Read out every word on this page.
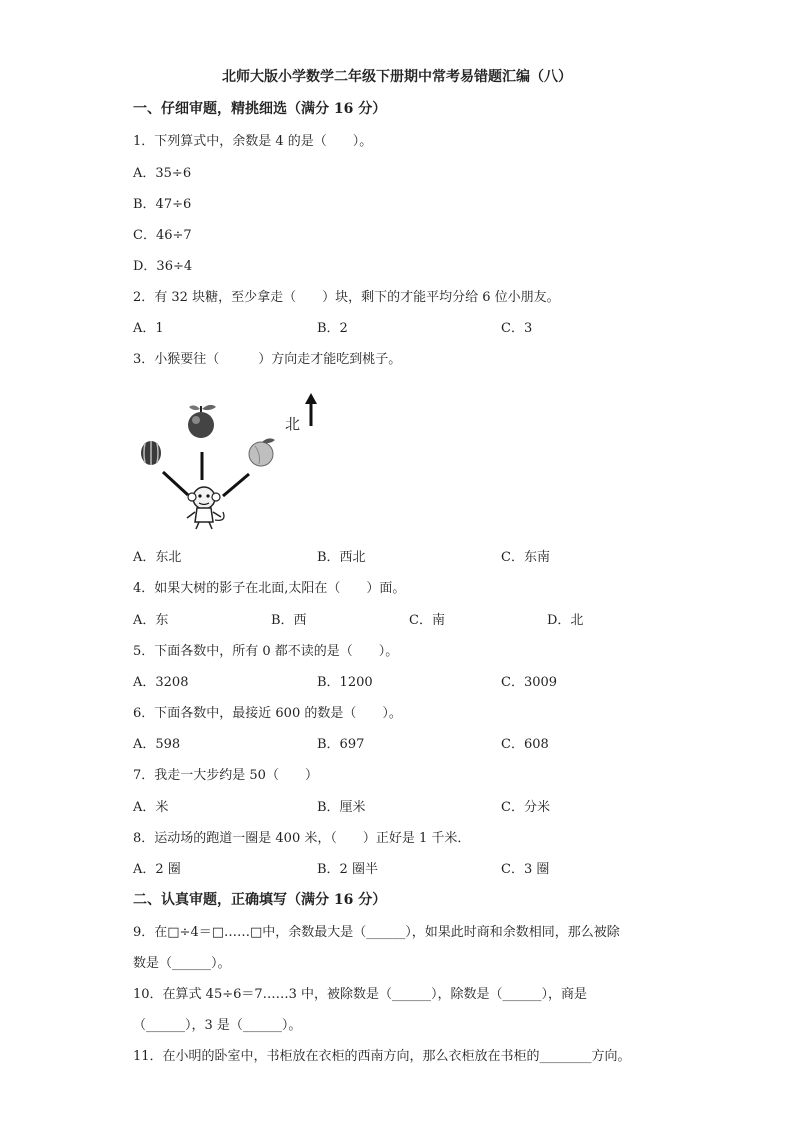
北师大版小学数学二年级下册期中常考易错题汇编（八）
一、仔细审题，精挑细选（满分 16 分）
1．下列算式中，余数是 4 的是（　　）。
A．35÷6
B．47÷6
C．46÷7
D．36÷4
2．有 32 块糖，至少拿走（　　）块，剩下的才能平均分给 6 位小朋友。
A．1	B．2	C．3
3．小猴要往（　　　）方向走才能吃到桃子。
北
A．东北	B．西北	C．东南
4．如果大树的影子在北面,太阳在（　　）面。
A．东	B．西	C．南	D．北
5．下面各数中，所有 0 都不读的是（　　）。
A．3208	B．1200	C．3009
6．下面各数中，最接近 600 的数是（　　）。
A．598	B．697	C．608
7．我走一大步约是 50（　　）
A．米	B．厘米	C．分米
8．运动场的跑道一圈是 400 米，（　　）正好是 1 千米．
A．2 圈	B．2 圈半	C．3 圈
二、认真审题，正确填写（满分 16 分）
9．在□÷4＝□……□中，余数最大是（______），如果此时商和余数相同，那么被除
数是（______）。
10．在算式 45÷6＝7……3 中，被除数是（______），除数是（______），商是
（______），3 是（______）。
11．在小明的卧室中，书柜放在衣柜的西南方向，那么衣柜放在书柜的________方向。
